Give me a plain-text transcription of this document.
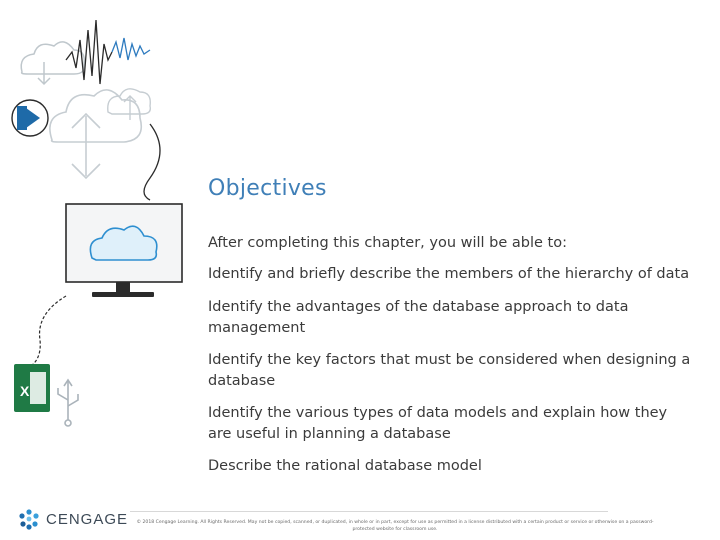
X
Objectives
After completing this chapter, you will be able to:
Identify and briefly describe the members of the hierarchy of data
Identify the advantages of the database approach to data management
Identify the key factors that must be considered when designing a database
Identify the various types of data models and explain how they are useful in planning a database
Describe the rational database model
CENGAGE	© 2018 Cengage Learning. All Rights Reserved. May not be copied, scanned, or duplicated, in whole or in part, except for use as permitted in a license distributed with a certain product or service or otherwise on a password-protected website for classroom use.
